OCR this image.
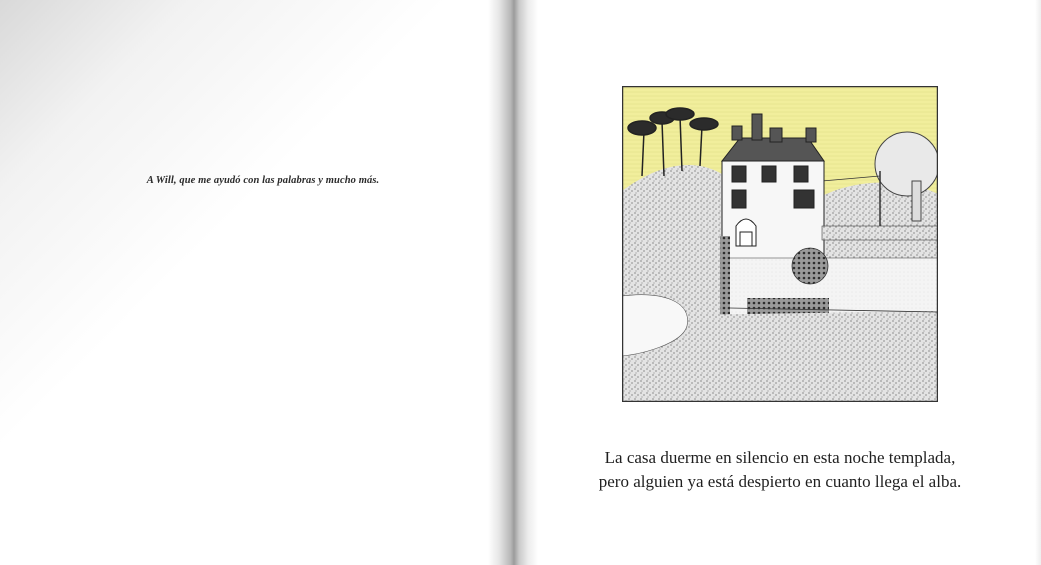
A Will, que me ayudó con las palabras y mucho más.
La casa duerme en silencio en esta noche templada,
pero alguien ya está despierto en cuanto llega el alba.
